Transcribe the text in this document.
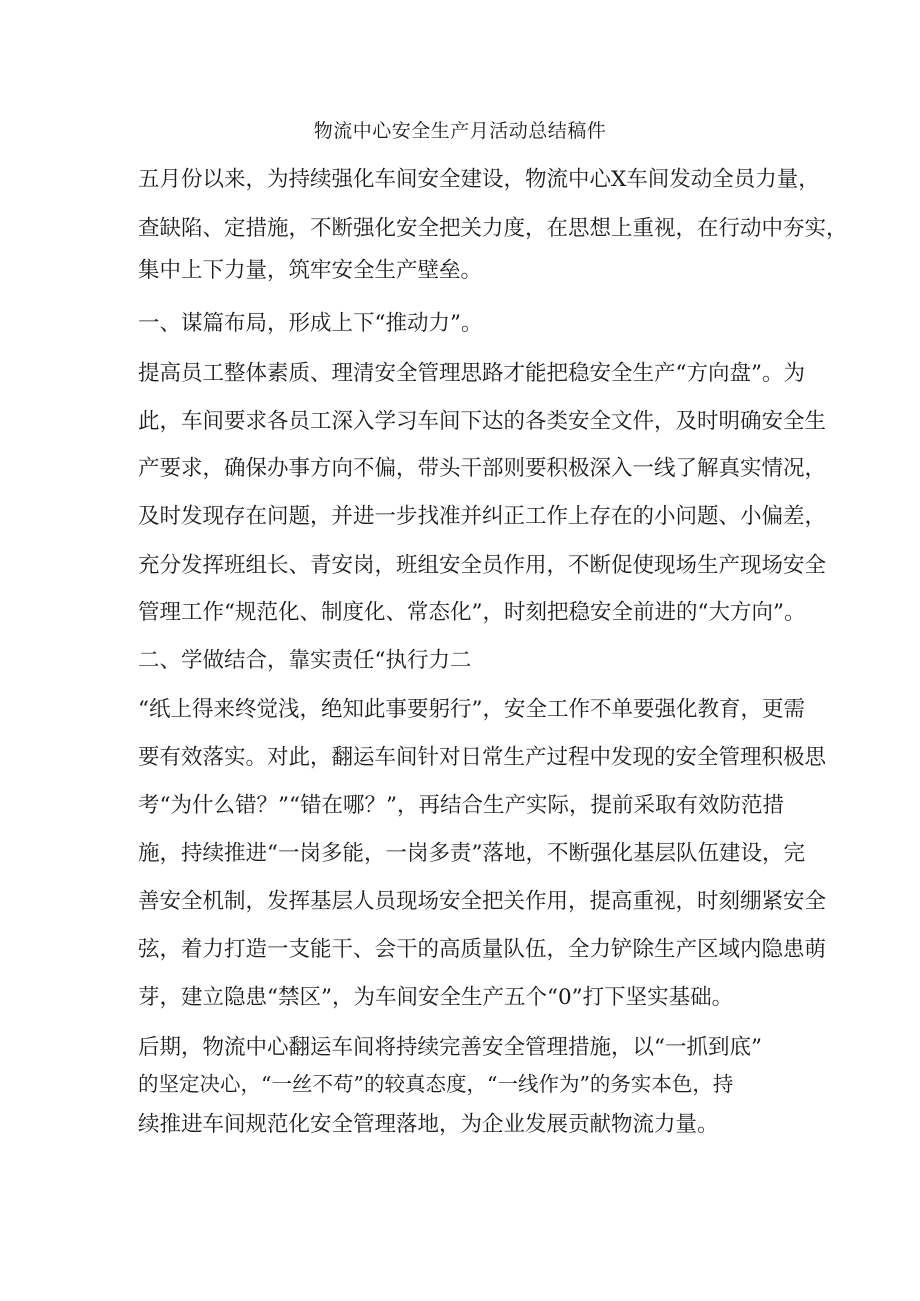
物流中心安全生产月活动总结稿件
五月份以来，为持续强化车间安全建设，物流中心X车间发动全员力量，
查缺陷、定措施，不断强化安全把关力度，在思想上重视，在行动中夯实，
集中上下力量，筑牢安全生产壁垒。
一、谋篇布局，形成上下“推动力”。
提高员工整体素质、理清安全管理思路才能把稳安全生产“方向盘”。为
此，车间要求各员工深入学习车间下达的各类安全文件，及时明确安全生
产要求，确保办事方向不偏，带头干部则要积极深入一线了解真实情况，
及时发现存在问题，并进一步找准并纠正工作上存在的小问题、小偏差，
充分发挥班组长、青安岗，班组安全员作用，不断促使现场生产现场安全
管理工作“规范化、制度化、常态化”，时刻把稳安全前进的“大方向”。
二、学做结合，靠实责任“执行力二
“纸上得来终觉浅，绝知此事要躬行”，安全工作不单要强化教育，更需
要有效落实。对此，翻运车间针对日常生产过程中发现的安全管理积极思
考“为什么错？”“错在哪？”，再结合生产实际，提前采取有效防范措
施，持续推进“一岗多能，一岗多责”落地，不断强化基层队伍建设，完
善安全机制，发挥基层人员现场安全把关作用，提高重视，时刻绷紧安全
弦，着力打造一支能干、会干的高质量队伍，全力铲除生产区域内隐患萌
芽，建立隐患“禁区”，为车间安全生产五个“0”打下坚实基础。
后期，物流中心翻运车间将持续完善安全管理措施，以“一抓到底”
的坚定决心，“一丝不苟”的较真态度，“一线作为”的务实本色，持
续推进车间规范化安全管理落地，为企业发展贡献物流力量。
